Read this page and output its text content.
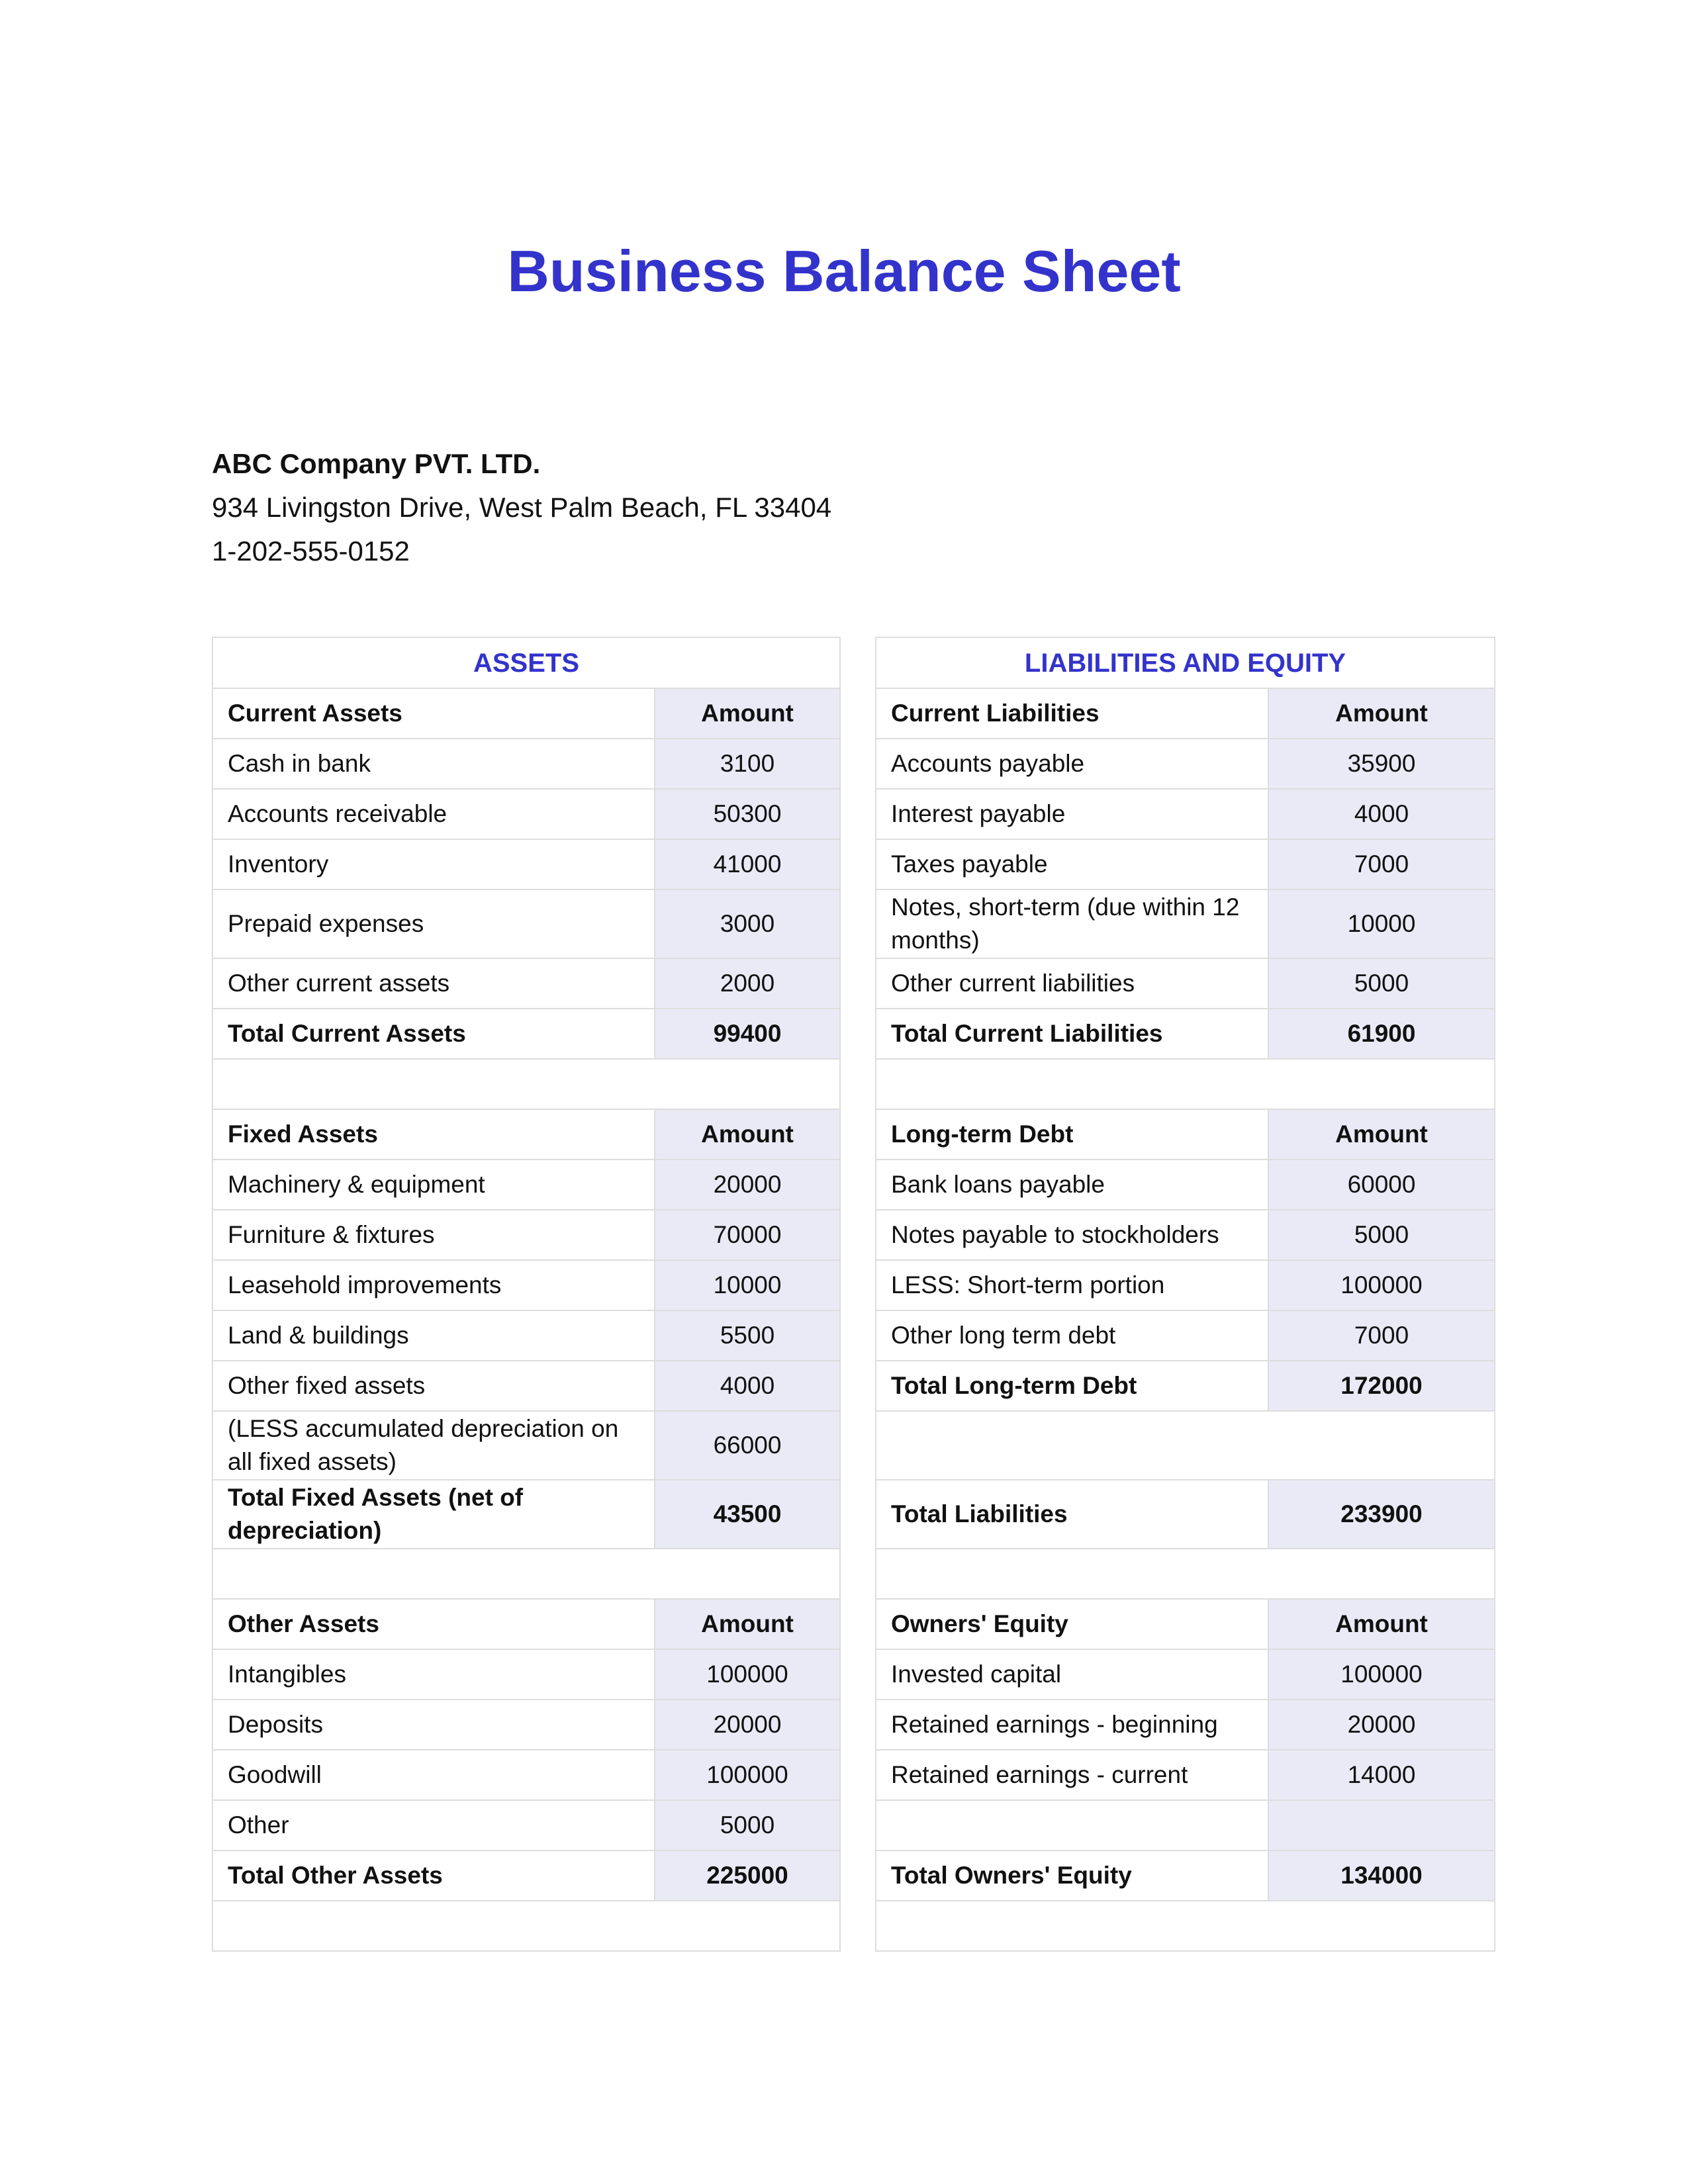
Business Balance Sheet
ABC Company PVT. LTD.
934 Livingston Drive, West Palm Beach, FL 33404
1-202-555-0152
ASSETS	
Current Assets	Amount
Cash in bank	3100
Accounts receivable	50300
Inventory	41000
Prepaid expenses	3000
Other current assets	2000
Total Current Assets	99400

Fixed Assets	Amount
Machinery & equipment	20000
Furniture & fixtures	70000
Leasehold improvements	10000
Land & buildings	5500
Other fixed assets	4000
(LESS accumulated depreciation on all fixed assets)	66000
Total Fixed Assets (net of depreciation)	43500

Other Assets	Amount
Intangibles	100000
Deposits	20000
Goodwill	100000
Other	5000
Total Other Assets	225000

LIABILITIES AND EQUITY	
Current Liabilities	Amount
Accounts payable	35900
Interest payable	4000
Taxes payable	7000
Notes, short-term (due within 12 months)	10000
Other current liabilities	5000
Total Current Liabilities	61900

Long-term Debt	Amount
Bank loans payable	60000
Notes payable to stockholders	5000
LESS: Short-term portion	100000
Other long term debt	7000
Total Long-term Debt	172000

Total Liabilities	233900

Owners' Equity	Amount
Invested capital	100000
Retained earnings - beginning	20000
Retained earnings - current	14000

Total Owners' Equity	134000
